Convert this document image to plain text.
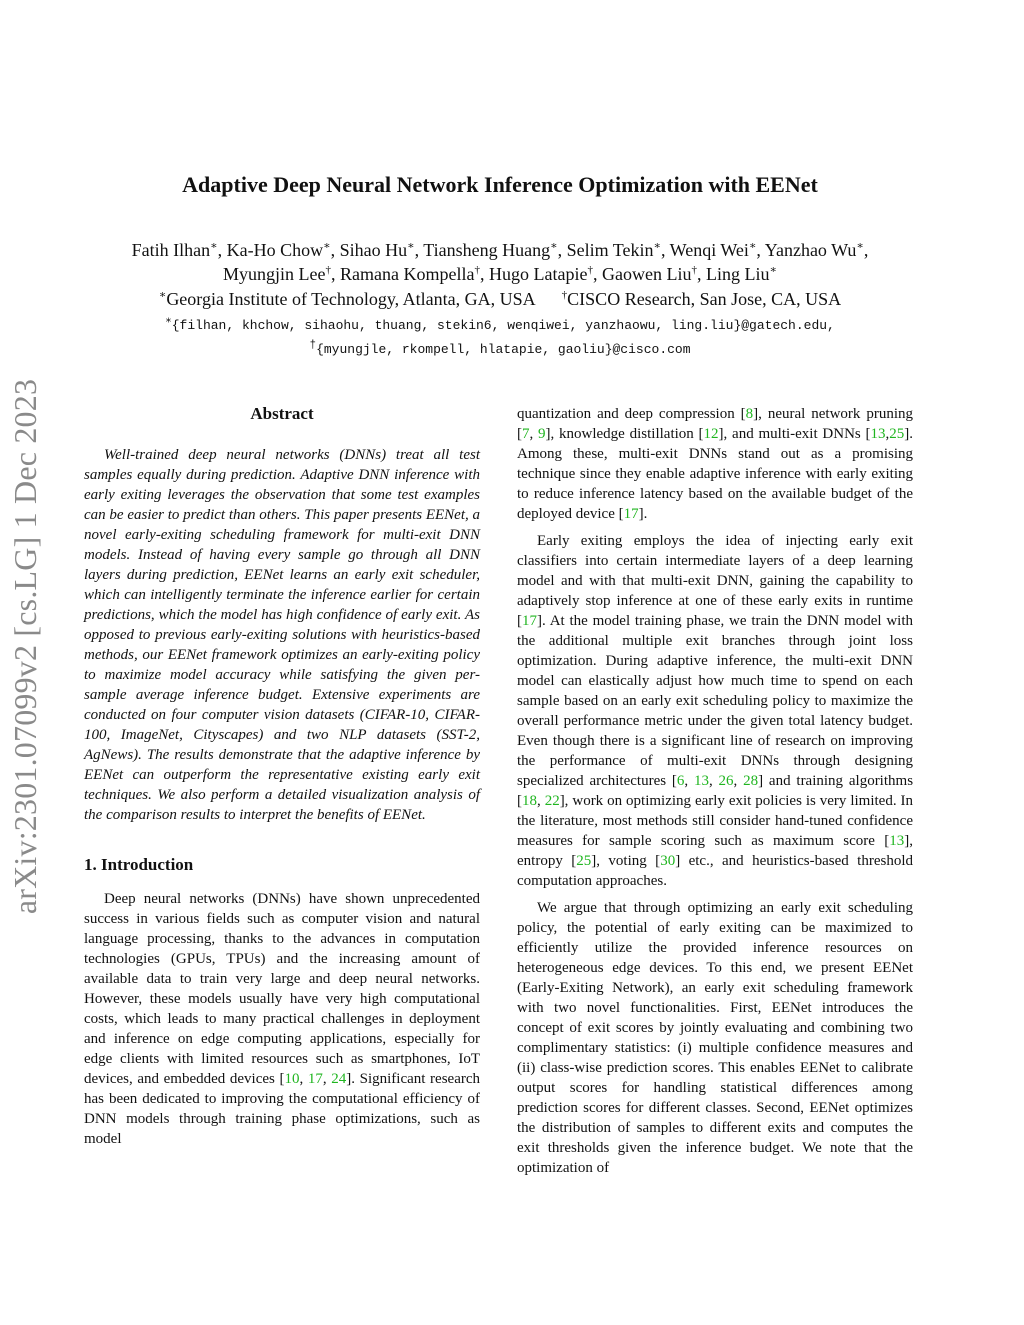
arXiv:2301.07099v2 [cs.LG] 1 Dec 2023
Adaptive Deep Neural Network Inference Optimization with EENet
Fatih Ilhan∗, Ka-Ho Chow∗, Sihao Hu∗, Tiansheng Huang∗, Selim Tekin∗, Wenqi Wei∗, Yanzhao Wu∗,
Myungjin Lee†, Ramana Kompella†, Hugo Latapie†, Gaowen Liu†, Ling Liu∗
∗Georgia Institute of Technology, Atlanta, GA, USA †CISCO Research, San Jose, CA, USA
∗{filhan, khchow, sihaohu, thuang, stekin6, wenqiwei, yanzhaowu, ling.liu}@gatech.edu,
†{myungjle, rkompell, hlatapie, gaoliu}@cisco.com
Abstract

Well-trained deep neural networks (DNNs) treat all test samples equally during prediction. Adaptive DNN inference with early exiting leverages the observation that some test examples can be easier to predict than others. This paper presents EENet, a novel early-exiting scheduling framework for multi-exit DNN models. Instead of having every sample go through all DNN layers during prediction, EENet learns an early exit scheduler, which can intelligently terminate the inference earlier for certain predictions, which the model has high confidence of early exit. As opposed to previous early-exiting solutions with heuristics-based methods, our EENet framework optimizes an early-exiting policy to maximize model accuracy while satisfying the given per-sample average inference budget. Extensive experiments are conducted on four computer vision datasets (CIFAR-10, CIFAR-100, ImageNet, Cityscapes) and two NLP datasets (SST-2, AgNews). The results demonstrate that the adaptive inference by EENet can outperform the representative existing early exit techniques. We also perform a detailed visualization analysis of the comparison results to interpret the benefits of EENet.

1. Introduction

Deep neural networks (DNNs) have shown unprecedented success in various fields such as computer vision and natural language processing, thanks to the advances in computation technologies (GPUs, TPUs) and the increasing amount of available data to train very large and deep neural networks. However, these models usually have very high computational costs, which leads to many practical challenges in deployment and inference on edge computing applications, especially for edge clients with limited resources such as smartphones, IoT devices, and embedded devices [10, 17, 24]. Significant research has been dedicated to improving the computational efficiency of DNN models through training phase optimizations, such as model

quantization and deep compression [8], neural network pruning [7, 9], knowledge distillation [12], and multi-exit DNNs [13,25]. Among these, multi-exit DNNs stand out as a promising technique since they enable adaptive inference with early exiting to reduce inference latency based on the available budget of the deployed device [17].

Early exiting employs the idea of injecting early exit classifiers into certain intermediate layers of a deep learning model and with that multi-exit DNN, gaining the capability to adaptively stop inference at one of these early exits in runtime [17]. At the model training phase, we train the DNN model with the additional multiple exit branches through joint loss optimization. During adaptive inference, the multi-exit DNN model can elastically adjust how much time to spend on each sample based on an early exit scheduling policy to maximize the overall performance metric under the given total latency budget. Even though there is a significant line of research on improving the performance of multi-exit DNNs through designing specialized architectures [6, 13, 26, 28] and training algorithms [18, 22], work on optimizing early exit policies is very limited. In the literature, most methods still consider hand-tuned confidence measures for sample scoring such as maximum score [13], entropy [25], voting [30] etc., and heuristics-based threshold computation approaches.

We argue that through optimizing an early exit scheduling policy, the potential of early exiting can be maximized to efficiently utilize the provided inference resources on heterogeneous edge devices. To this end, we present EENet (Early-Exiting Network), an early exit scheduling framework with two novel functionalities. First, EENet introduces the concept of exit scores by jointly evaluating and combining two complimentary statistics: (i) multiple confidence measures and (ii) class-wise prediction scores. This enables EENet to calibrate output scores for handling statistical differences among prediction scores for different classes. Second, EENet optimizes the distribution of samples to different exits and computes the exit thresholds given the inference budget. We note that the optimization of
